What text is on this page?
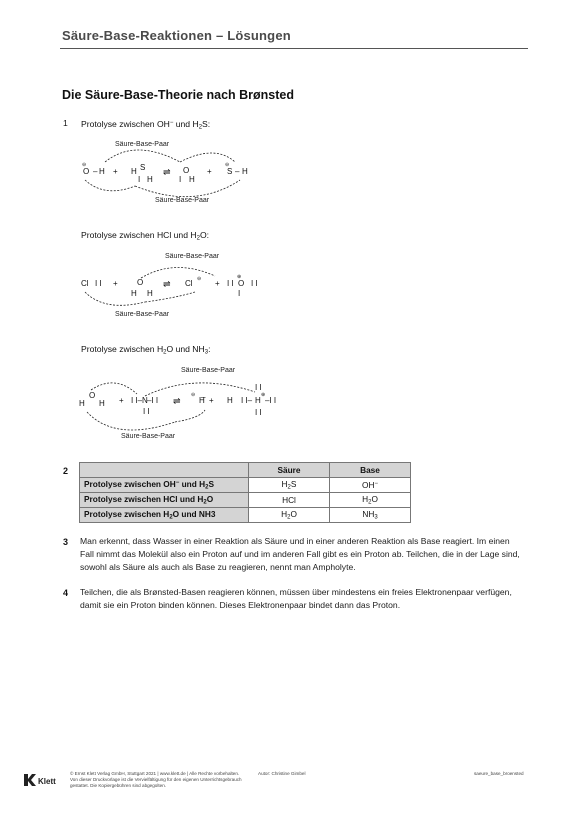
Säure-Base-Reaktionen – Lösungen
Die Säure-Base-Theorie nach Brønsted
1 Protolyse zwischen OH− und $H_2S$:
Säure-Base-Paar
O
⊖
– H + H S
I H
⇌ O
I H
+
⊖
S – H
Säure-Base-Paar
Protolyse zwischen HCl und $H_2O$:
Säure-Base-Paar
Cl I I + O
H H
⇌ Cl ⊖ + I I
⊕
O
I
I I
Säure-Base-Paar
Protolyse zwischen $H_2O$ und $NH_3$:
Säure-Base-Paar
H
O
H + I I– N –I I
I I
⇌
⊖
H
_
+ H I I– H
⊕
–I I
I I
I I
Säure-Base-Paar
2
		Säure	Base
Protolyse zwischen OH− und $H_2S$	$H_2S$	OH−
Protolyse zwischen HCl und $H_2O$	HCl	$H_2O$
Protolyse zwischen $H_2O$ und NH3	$H_2O$	$NH_3$
3 Man erkennt, dass Wasser in einer Reaktion als Säure und in einer anderen Reaktion als Base reagiert. Im einen Fall nimmt das Molekül also ein Proton auf und im anderen Fall gibt es ein Proton ab. Teilchen, die in der Lage sind, sowohl als Säure als auch als Base zu reagieren, nennt man Ampholyte.
4 Teilchen, die als Brønsted-Basen reagieren können, müssen über mindestens ein freies Elektronenpaar verfügen, damit sie ein Proton binden können. Dieses Elektronenpaar bindet dann das Proton.
Klett
© Ernst Klett Verlag GmbH, Stuttgart 2021 | www.klett.de | Alle Rechte vorbehalten. Von dieser Druckvorlage ist die Vervielfältigung für den eigenen Unterrichtsgebrauch gestattet. Die Kopiergebühren sind abgegolten.
Autor: Christine Gimbel	saeure_base_broensted
